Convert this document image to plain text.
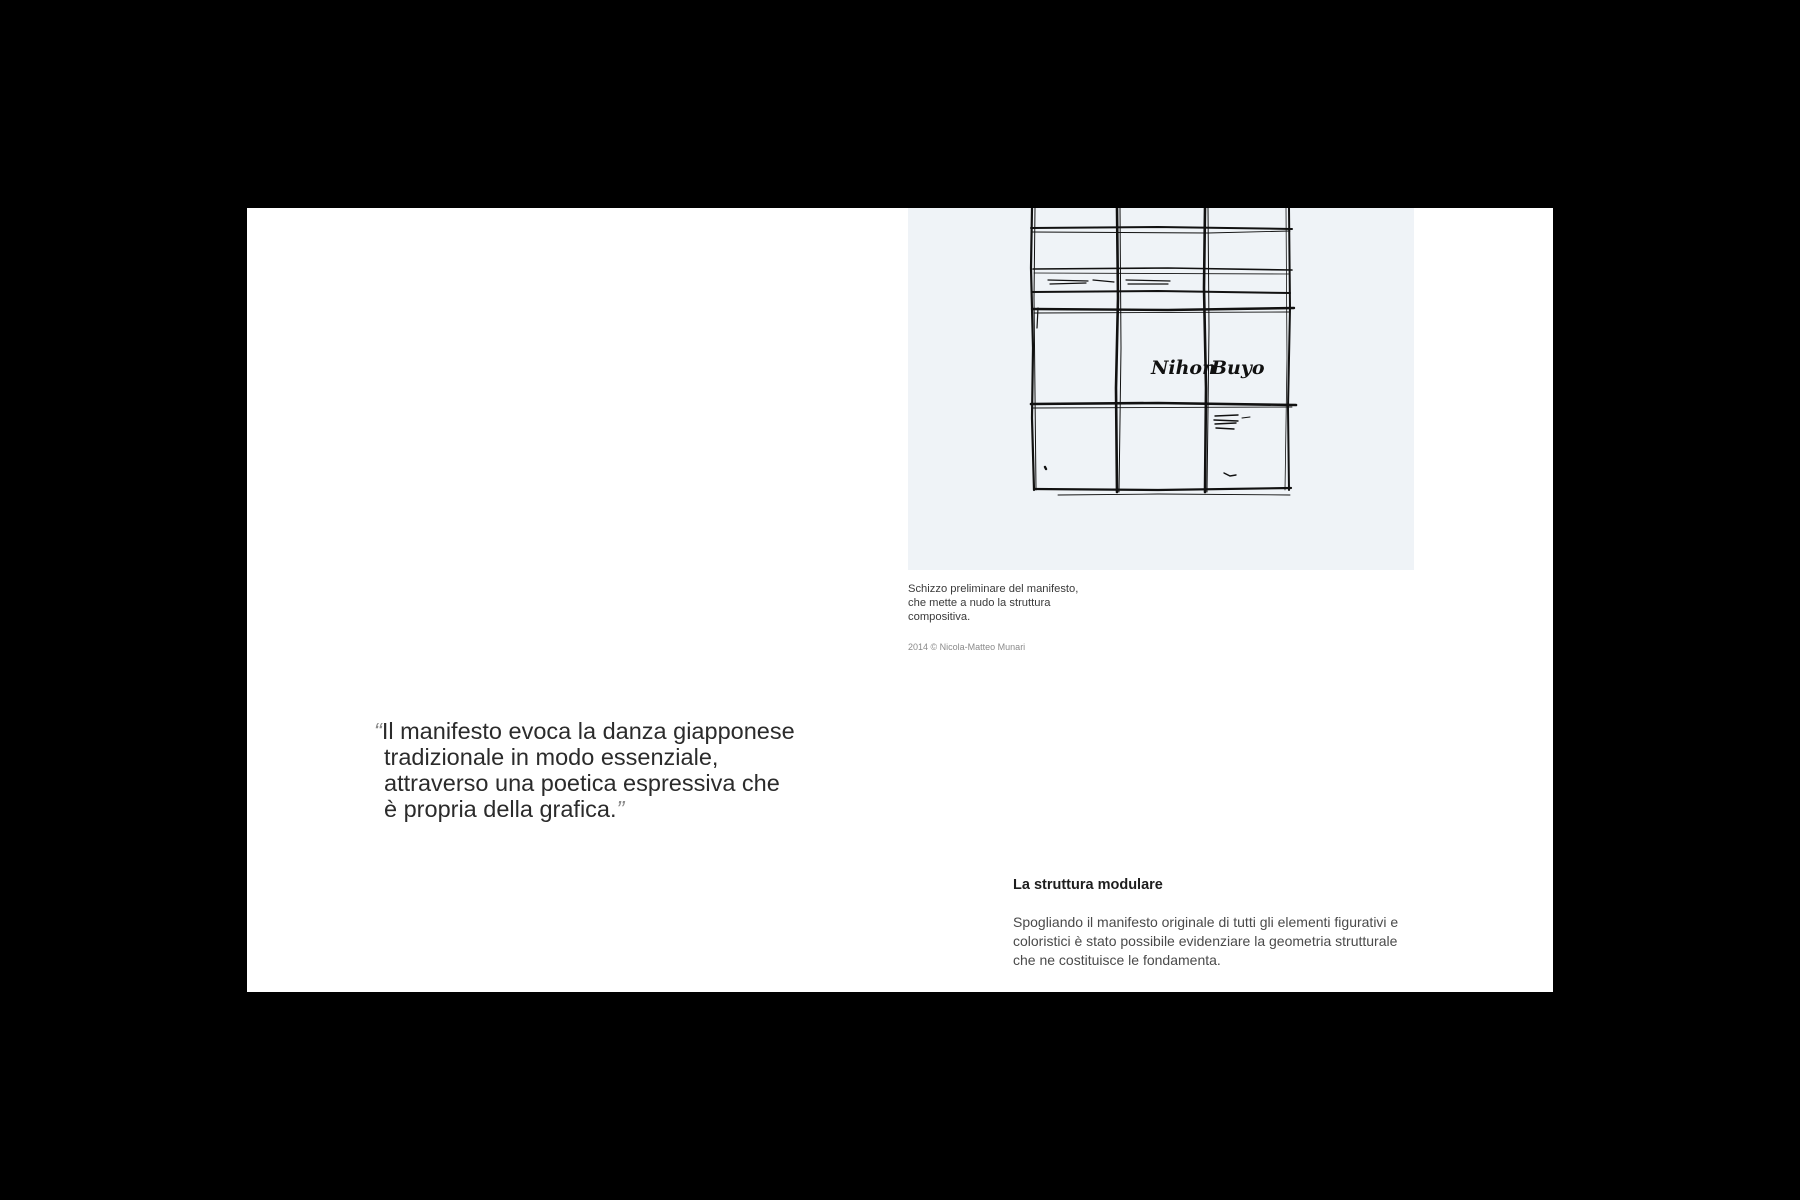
Nihon
Buyo
Schizzo preliminare del manifesto,
che mette a nudo la struttura
compositiva.
2014 © Nicola-Matteo Munari
“Il manifesto evoca la danza giapponese
tradizionale in modo essenziale,
attraverso una poetica espressiva che
è propria della grafica.”
La struttura modulare
Spogliando il manifesto originale di tutti gli elementi figurativi e
coloristici è stato possibile evidenziare la geometria strutturale
che ne costituisce le fondamenta.
